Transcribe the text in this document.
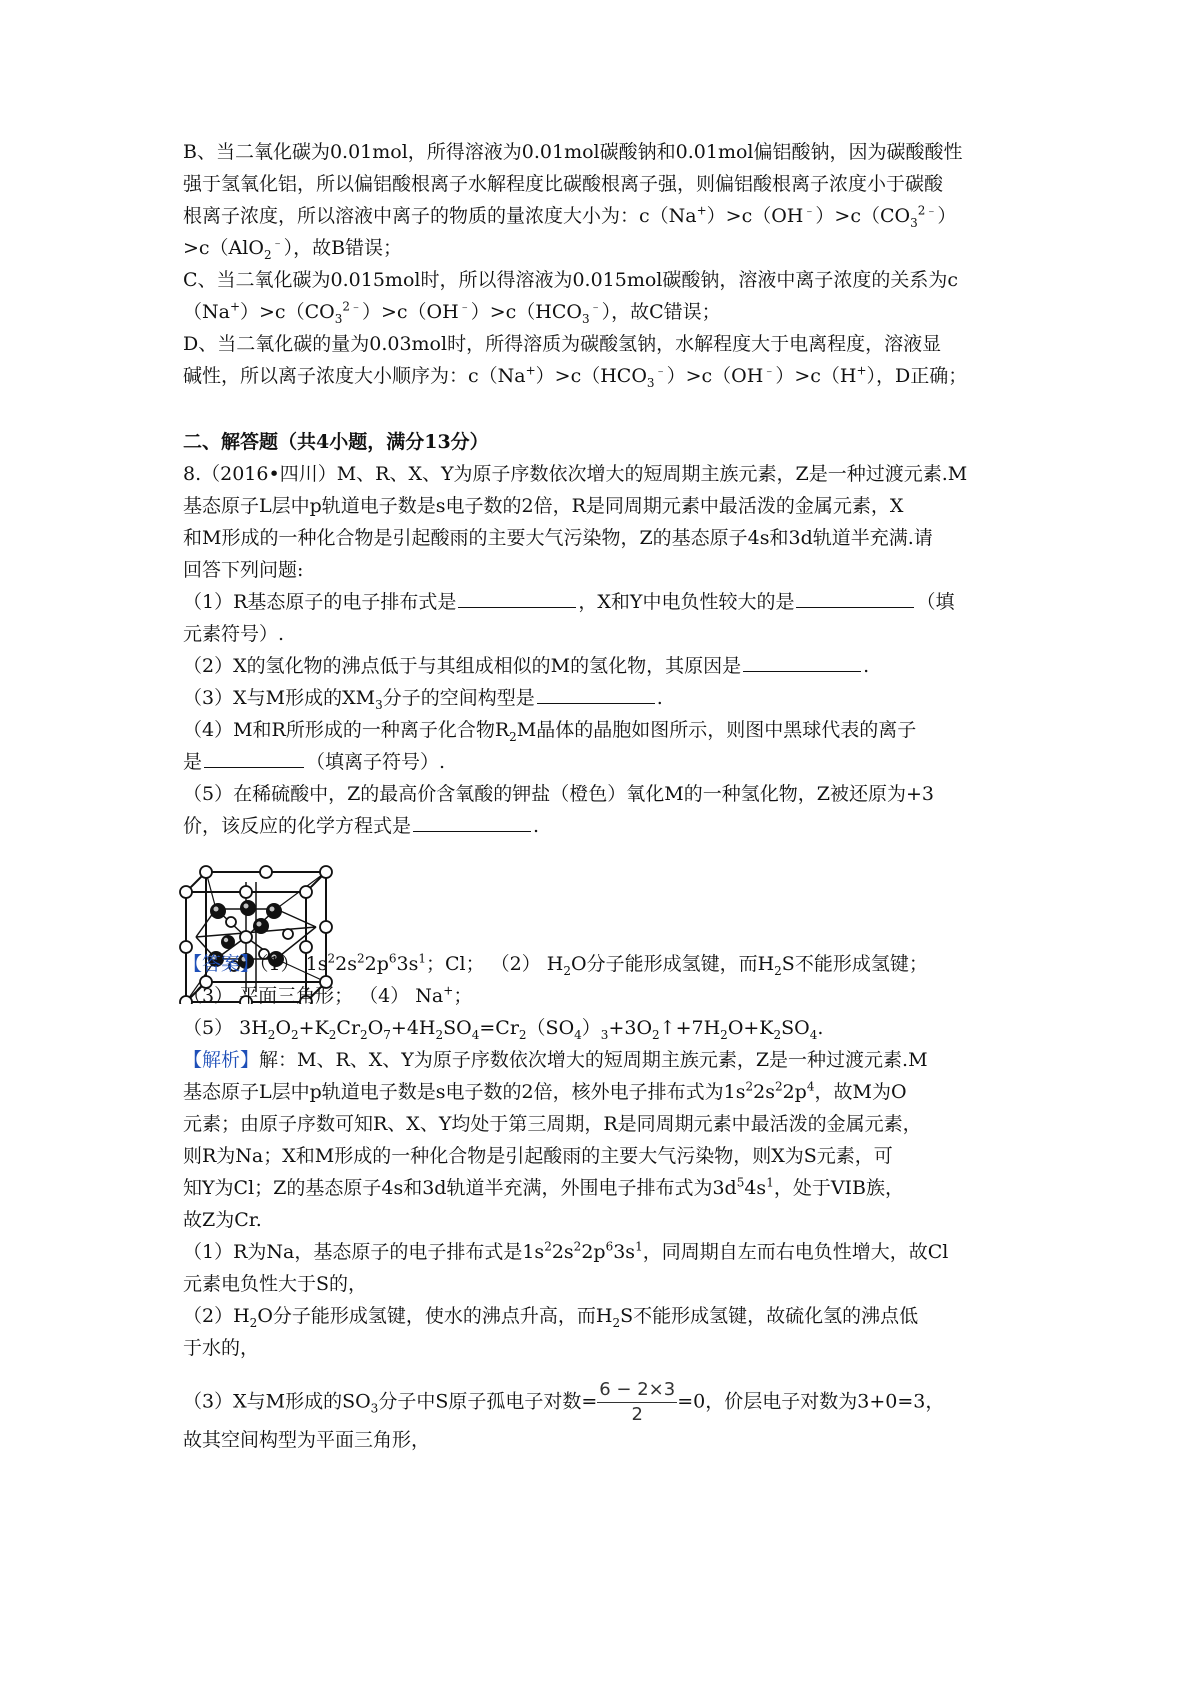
B、当二氧化碳为0.01mol，所得溶液为0.01mol碳酸钠和0.01mol偏铝酸钠，因为碳酸酸性
强于氢氧化铝，所以偏铝酸根离子水解程度比碳酸根离子强，则偏铝酸根离子浓度小于碳酸
根离子浓度，所以溶液中离子的物质的量浓度大小为：$c(Na^+)>c(OH^﹣)>c(CO_3^{2﹣})$
>c（AlO$_2$﹣），故B错误；
C、当二氧化碳为0.015mol时，所以得溶液为0.015mol碳酸钠，溶液中离子浓度的关系为c
$(Na^+)>c(CO_3^{2﹣})>c(OH^﹣)>c(HCO_3^﹣)$，故C错误；
D、当二氧化碳的量为0.03mol时，所得溶质为碳酸氢钠，水解程度大于电离程度，溶液显
碱性，所以离子浓度大小顺序为：$c(Na^+)>c(HCO_3^﹣)>c(OH^﹣)>c(H^+)$，D正确；
二、解答题（共4小题，满分13分）
8.（2016•四川）M、R、X、Y为原子序数依次增大的短周期主族元素，Z是一种过渡元素.M
基态原子L层中p轨道电子数是s电子数的2倍，R是同周期元素中最活泼的金属元素，X
和M形成的一种化合物是引起酸雨的主要大气污染物，Z的基态原子4s和3d轨道半充满.请
回答下列问题:
（1）R基态原子的电子排布式是	，X和Y中电负性较大的是	（填
元素符号）.
（2）X的氢化物的沸点低于与其组成相似的M的氢化物，其原因是	.
（3）X与M形成的$XM_3$分子的空间构型是	.
（4）M和R所形成的一种离子化合物$R_2M$晶体的晶胞如图所示，则图中黑球代表的离子
是	（填离子符号）.
（5）在稀硫酸中，Z的最高价含氧酸的钾盐（橙色）氧化M的一种氢化物，Z被还原为+3
价，该反应的化学方程式是	.
【答案】（1） $1s^22s^22p^63s^1$；Cl； （2） $H_2O$分子能形成氢键，而$H_2S$不能形成氢键；
（3） 平面三角形； （4） Na+；
（5） $3H_2O_2+K_2Cr_2O_7+4H_2SO_4=Cr_2(SO_4)_3+3O_2↑+7H_2O+K_2SO_4$.
【解析】解：M、R、X、Y为原子序数依次增大的短周期主族元素，Z是一种过渡元素.M
基态原子L层中p轨道电子数是s电子数的2倍，核外电子排布式为$1s^22s^22p^4$，故M为O
元素；由原子序数可知R、X、Y均处于第三周期，R是同周期元素中最活泼的金属元素，
则R为Na；X和M形成的一种化合物是引起酸雨的主要大气污染物，则X为S元素，可
知Y为Cl；Z的基态原子4s和3d轨道半充满，外围电子排布式为$3d^54s^1$，处于VIB族，
故Z为Cr.
（1）R为Na，基态原子的电子排布式是$1s^22s^22p^63s^1$，同周期自左而右电负性增大，故Cl
元素电负性大于S的，
$(2)H_2O$分子能形成氢键，使水的沸点升高，而$H_2S$不能形成氢键，故硫化氢的沸点低
于水的，
（3）X与M形成的$SO_3$分子中S原子孤电子对数= $\frac{6 - 2\times 3}{2} =0$，价层电子对数为3+0=3，
故其空间构型为平面三角形，
